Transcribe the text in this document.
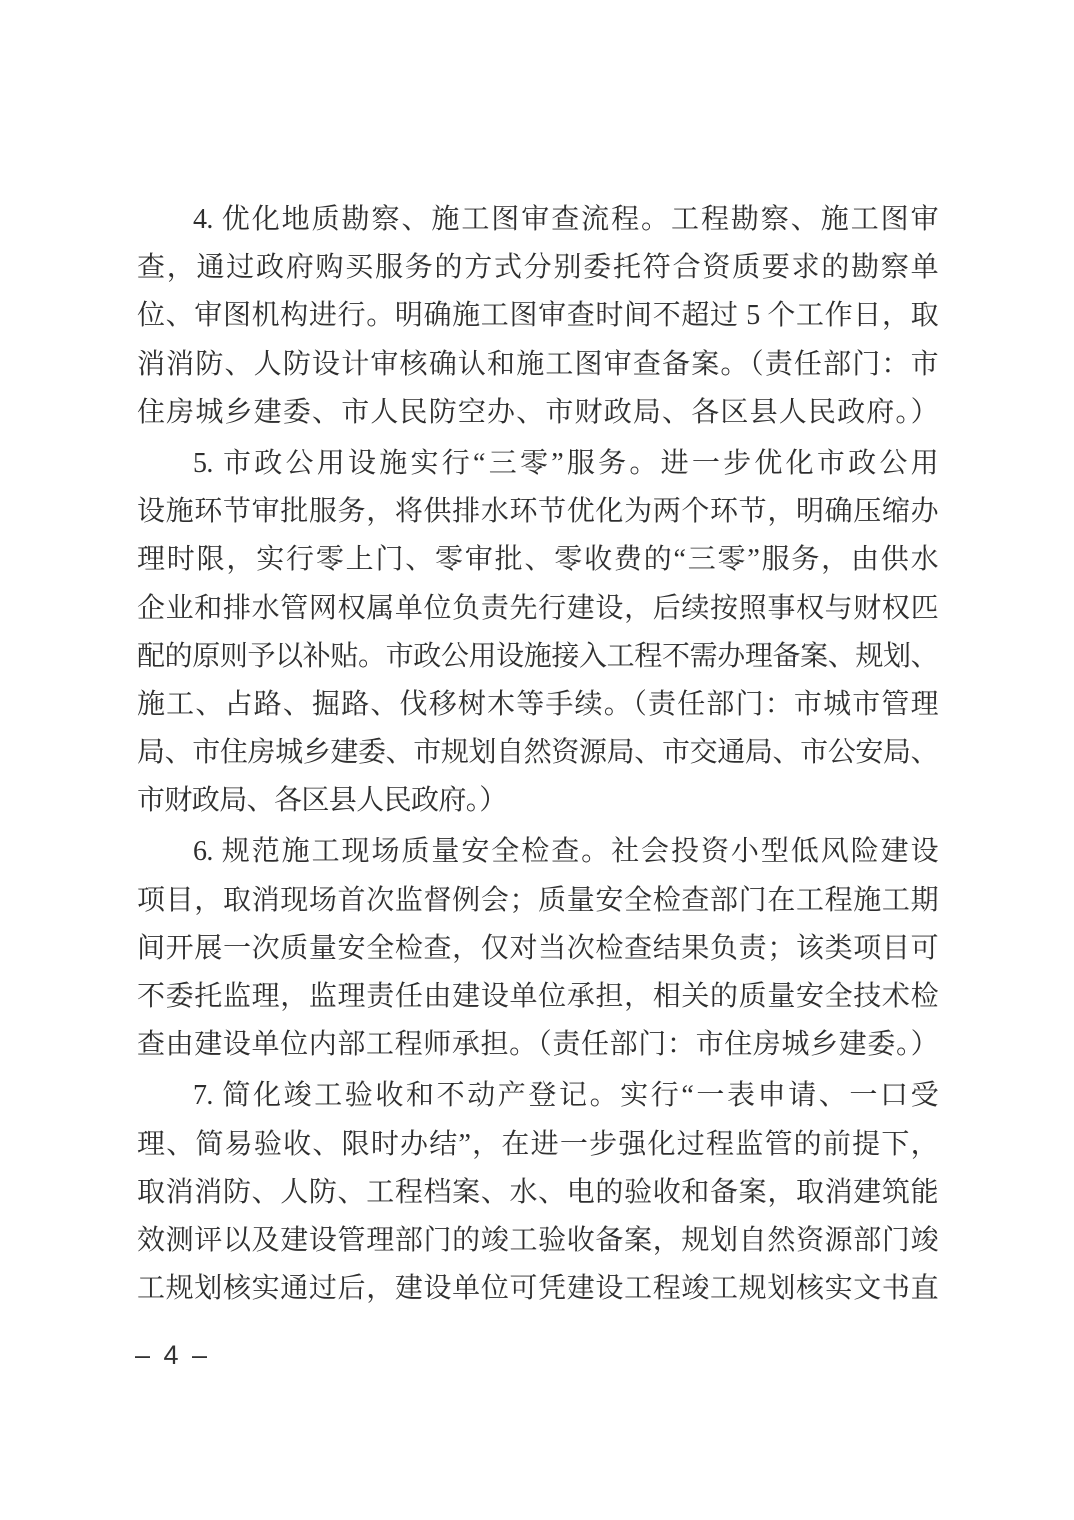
4. 优化地质勘察、施工图审查流程。工程勘察、施工图审
查，通过政府购买服务的方式分别委托符合资质要求的勘察单
位、审图机构进行。明确施工图审查时间不超过 5 个工作日，取
消消防、人防设计审核确认和施工图审查备案。（责任部门：市
住房城乡建委、市人民防空办、市财政局、各区县人民政府。）

5. 市政公用设施实行“三零”服务。进一步优化市政公用
设施环节审批服务，将供排水环节优化为两个环节，明确压缩办
理时限，实行零上门、零审批、零收费的“三零”服务，由供水
企业和排水管网权属单位负责先行建设，后续按照事权与财权匹
配的原则予以补贴。市政公用设施接入工程不需办理备案、规划、
施工、占路、掘路、伐移树木等手续。（责任部门：市城市管理
局、市住房城乡建委、市规划自然资源局、市交通局、市公安局、
市财政局、各区县人民政府。）

6. 规范施工现场质量安全检查。社会投资小型低风险建设
项目，取消现场首次监督例会；质量安全检查部门在工程施工期
间开展一次质量安全检查，仅对当次检查结果负责；该类项目可
不委托监理，监理责任由建设单位承担，相关的质量安全技术检
查由建设单位内部工程师承担。（责任部门：市住房城乡建委。）

7. 简化竣工验收和不动产登记。实行“一表申请、一口受
理、简易验收、限时办结”，在进一步强化过程监管的前提下，
取消消防、人防、工程档案、水、电的验收和备案，取消建筑能
效测评以及建设管理部门的竣工验收备案，规划自然资源部门竣
工规划核实通过后，建设单位可凭建设工程竣工规划核实文书直

– 4 –
